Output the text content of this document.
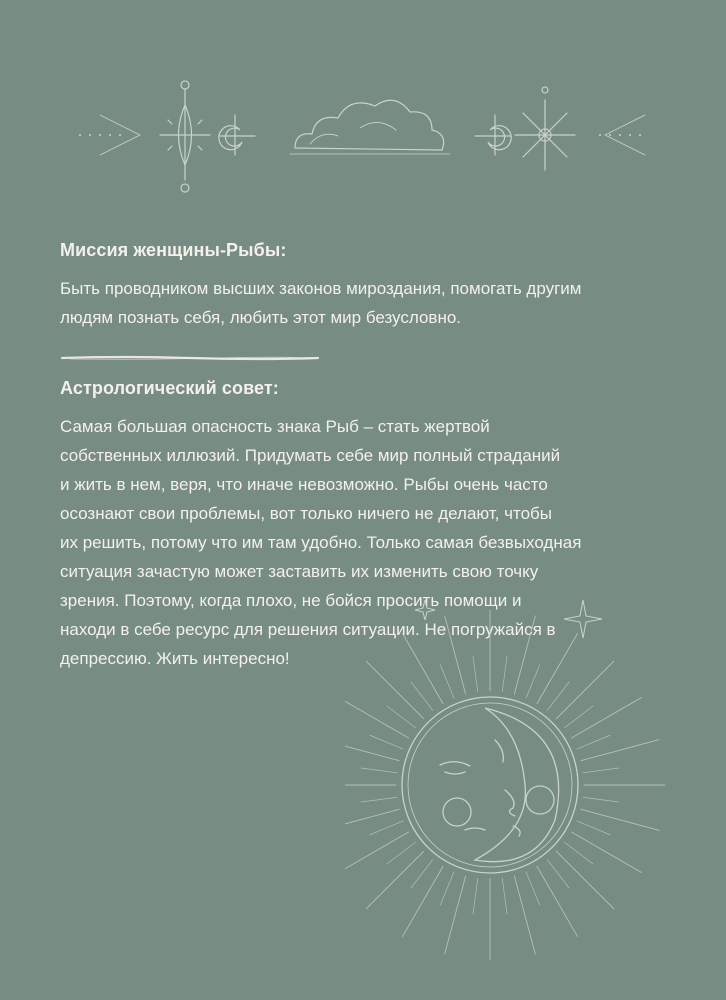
Миссия женщины-Рыбы:

Быть проводником высших законов мироздания, помогать другим
людям познать себя, любить этот мир безусловно.

Астрологический совет:

Самая большая опасность знака Рыб – стать жертвой
собственных иллюзий. Придумать себе мир полный страданий
и жить в нем, веря, что иначе невозможно. Рыбы очень часто
осознают свои проблемы, вот только ничего не делают, чтобы
их решить, потому что им там удобно. Только самая безвыходная
ситуация зачастую может заставить их изменить свою точку
зрения. Поэтому, когда плохо, не бойся просить помощи и
находи в себе ресурс для решения ситуации. Не погружайся в
депрессию. Жить интересно!
